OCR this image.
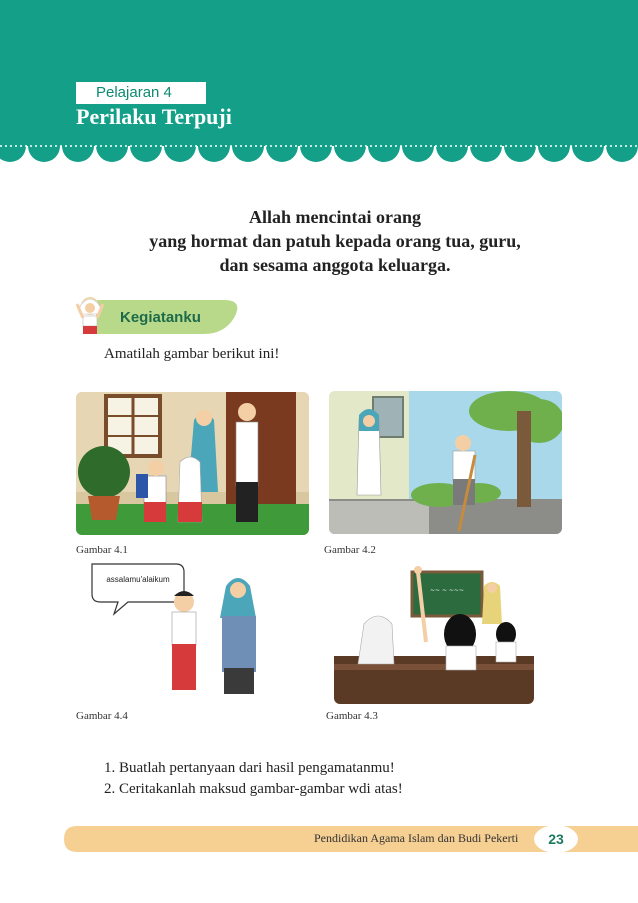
Pelajaran 4
Perilaku Terpuji
Allah mencintai orang
yang hormat dan patuh kepada orang tua, guru,
dan sesama anggota keluarga.
Kegiatanku
Amatilah gambar berikut ini!
Gambar 4.1	Gambar 4.2
assalamu'alaikum
Gambar 4.4
~~ ~ ~~~
Gambar 4.3
1. Buatlah pertanyaan dari hasil pengamatanmu!
2. Ceritakanlah maksud gambar-gambar wdi atas!
Pendidikan Agama Islam dan Budi Pekerti	23
